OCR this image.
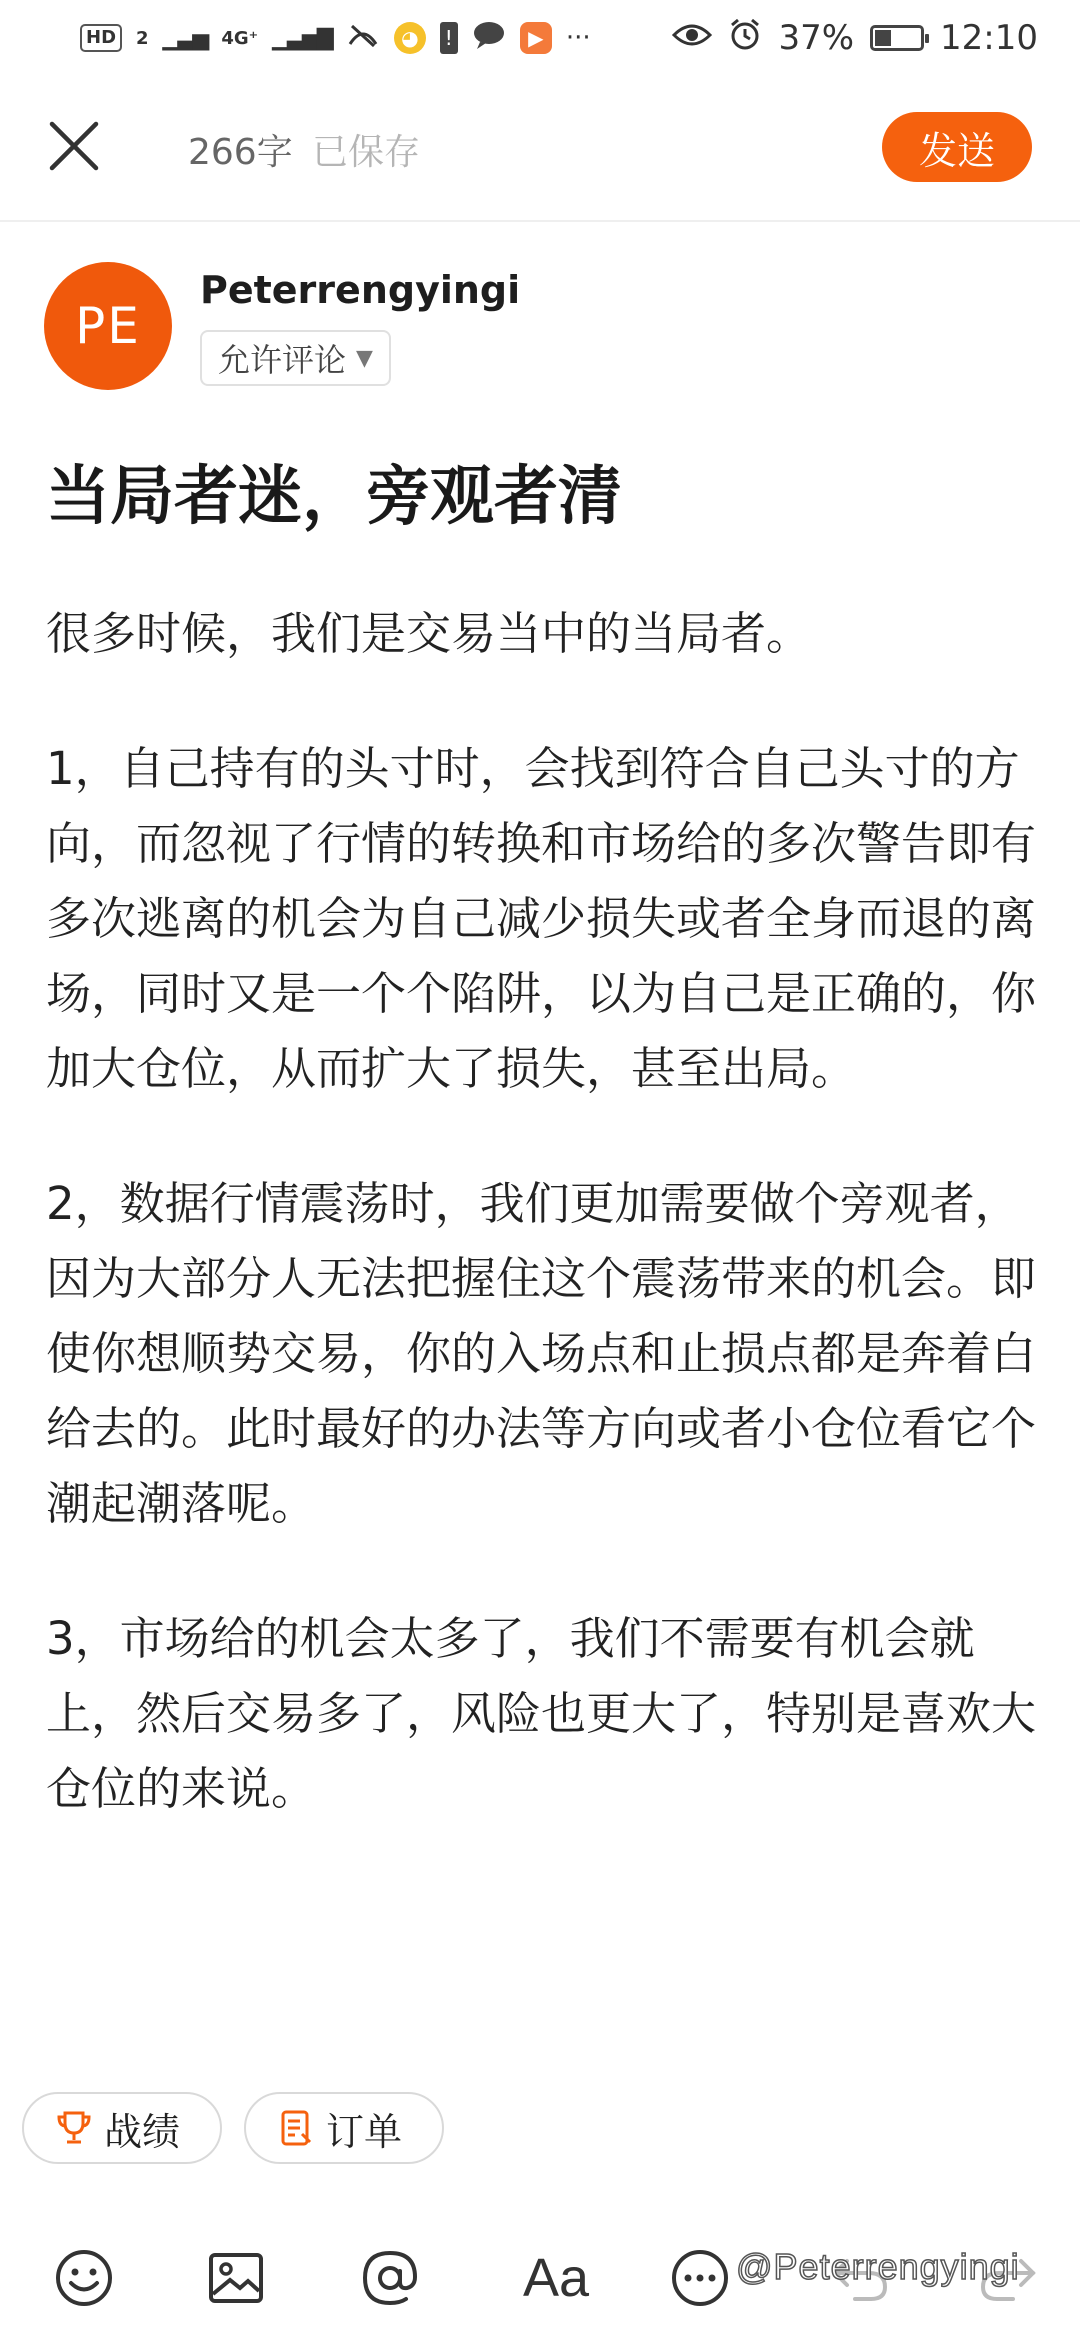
HD	2 ▁▃▅ 4G⁺ ▁▃▅▇	◕	!	▶ ···	37%	12:10
266字 已保存	发送
PE
Peterrengyingi
允许评论 ▼
当局者迷，旁观者清

很多时候，我们是交易当中的当局者。

1，自己持有的头寸时，会找到符合自己头寸的方向，而忽视了行情的转换和市场给的多次警告即有多次逃离的机会为自己减少损失或者全身而退的离场，同时又是一个个陷阱，以为自己是正确的，你加大仓位，从而扩大了损失，甚至出局。

2，数据行情震荡时，我们更加需要做个旁观者，因为大部分人无法把握住这个震荡带来的机会。即使你想顺势交易，你的入场点和止损点都是奔着白给去的。此时最好的办法等方向或者小仓位看它个潮起潮落呢。

3，市场给的机会太多了，我们不需要有机会就上，然后交易多了，风险也更大了，特别是喜欢大仓位的来说。

战绩	订单
Aa	@Peterrengyingi
